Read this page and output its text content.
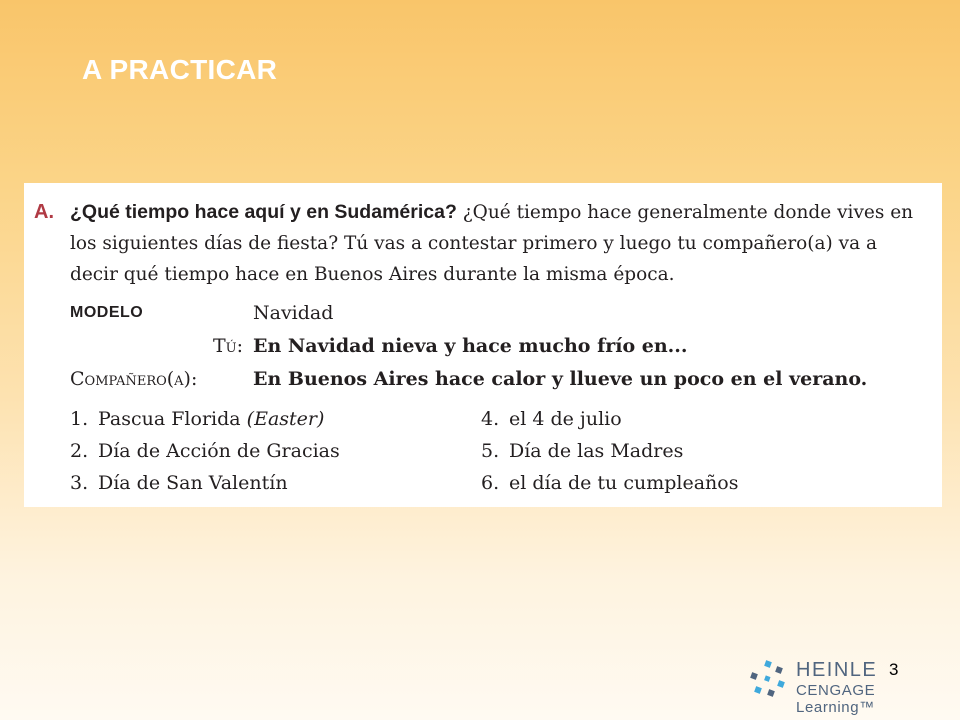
A PRACTICAR
A. ¿Qué tiempo hace aquí y en Sudamérica? ¿Qué tiempo hace generalmente donde vives en los siguientes días de fiesta? Tú vas a contestar primero y luego tu compañero(a) va a decir qué tiempo hace en Buenos Aires durante la misma época.
MODELO	Navidad
Tú: En Navidad nieva y hace mucho frío en...
Compañero(a):	En Buenos Aires hace calor y llueve un poco en el verano.
1. Pascua Florida (Easter)
2. Día de Acción de Gracias
3. Día de San Valentín
4. el 4 de julio
5. Día de las Madres
6. el día de tu cumpleaños
HEINLE
CENGAGE Learning™
3
